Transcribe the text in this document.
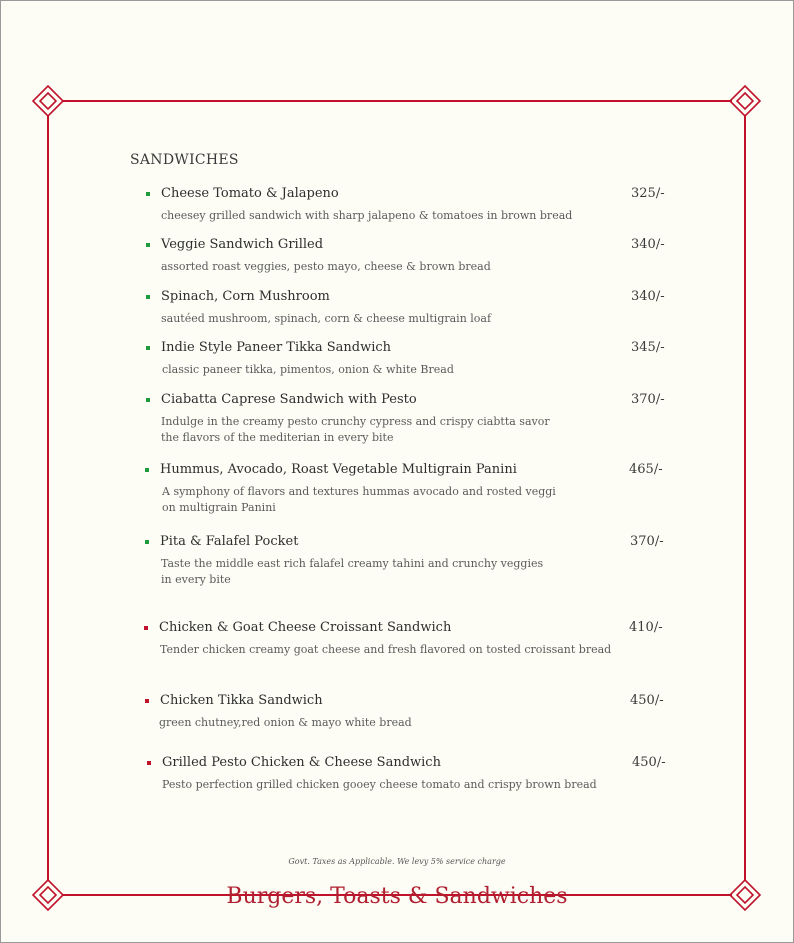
SANDWICHES
Cheese Tomato & Jalapeno	325/-
cheesey grilled sandwich with sharp jalapeno & tomatoes in brown bread
Veggie Sandwich Grilled	340/-
assorted roast veggies, pesto mayo, cheese & brown bread
Spinach, Corn Mushroom	340/-
sautéed mushroom, spinach, corn & cheese multigrain loaf
Indie Style Paneer Tikka Sandwich	345/-
classic paneer tikka, pimentos, onion & white Bread
Ciabatta Caprese Sandwich with Pesto	370/-
Indulge in the creamy pesto crunchy cypress and crispy ciabtta savor
the flavors of the mediterian in every bite
Hummus, Avocado, Roast Vegetable Multigrain Panini	465/-
A symphony of flavors and textures hummas avocado and rosted veggi
on multigrain Panini
Pita & Falafel Pocket	370/-
Taste the middle east rich falafel creamy tahini and crunchy veggies
in every bite
Chicken & Goat Cheese Croissant Sandwich	410/-
Tender chicken creamy goat cheese and fresh flavored on tosted croissant bread
Chicken Tikka Sandwich	450/-
green chutney,red onion & mayo white bread
Grilled Pesto Chicken & Cheese Sandwich	450/-
Pesto perfection grilled chicken gooey cheese tomato and crispy brown bread
Govt. Taxes as Applicable. We levy 5% service charge
Burgers, Toasts & Sandwiches
